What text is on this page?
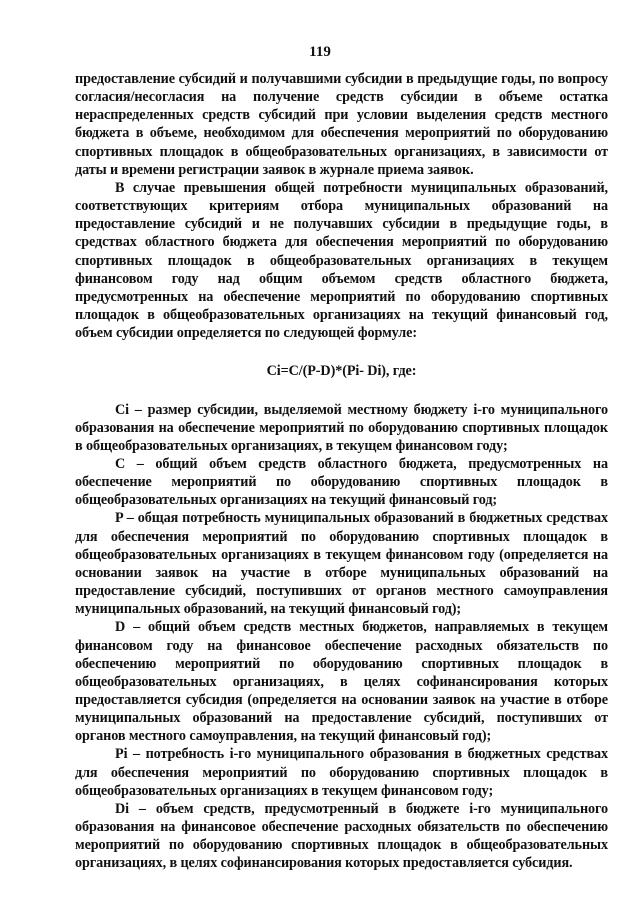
119

предоставление субсидий и получавшими субсидии в предыдущие годы, по вопросу согласия/несогласия на получение средств субсидии в объеме остатка нераспределенных средств субсидий при условии выделения средств местного бюджета в объеме, необходимом для обеспечения мероприятий по оборудованию спортивных площадок в общеобразовательных организациях, в зависимости от даты и времени регистрации заявок в журнале приема заявок.

В случае превышения общей потребности муниципальных образований, соответствующих критериям отбора муниципальных образований на предоставление субсидий и не получавших субсидии в предыдущие годы, в средствах областного бюджета для обеспечения мероприятий по оборудованию спортивных площадок в общеобразовательных организациях в текущем финансовом году над общим объемом средств областного бюджета, предусмотренных на обеспечение мероприятий по оборудованию спортивных площадок в общеобразовательных организациях на текущий финансовый год, объем субсидии определяется по следующей формуле:

Ci=C/(P-D)*(Pi- Di), где:

Ci – размер субсидии, выделяемой местному бюджету i-го муниципального образования на обеспечение мероприятий по оборудованию спортивных площадок в общеобразовательных организациях, в текущем финансовом году;

C – общий объем средств областного бюджета, предусмотренных на обеспечение мероприятий по оборудованию спортивных площадок в общеобразовательных организациях на текущий финансовый год;

P – общая потребность муниципальных образований в бюджетных средствах для обеспечения мероприятий по оборудованию спортивных площадок в общеобразовательных организациях в текущем финансовом году (определяется на основании заявок на участие в отборе муниципальных образований на предоставление субсидий, поступивших от органов местного самоуправления муниципальных образований, на текущий финансовый год);

D – общий объем средств местных бюджетов, направляемых в текущем финансовом году на финансовое обеспечение расходных обязательств по обеспечению мероприятий по оборудованию спортивных площадок в общеобразовательных организациях, в целях софинансирования которых предоставляется субсидия (определяется на основании заявок на участие в отборе муниципальных образований на предоставление субсидий, поступивших от органов местного самоуправления, на текущий финансовый год);

Pi – потребность i-го муниципального образования в бюджетных средствах для обеспечения мероприятий по оборудованию спортивных площадок в общеобразовательных организациях в текущем финансовом году;

Di – объем средств, предусмотренный в бюджете i-го муниципального образования на финансовое обеспечение расходных обязательств по обеспечению мероприятий по оборудованию спортивных площадок в общеобразовательных организациях, в целях софинансирования которых предоставляется субсидия.
